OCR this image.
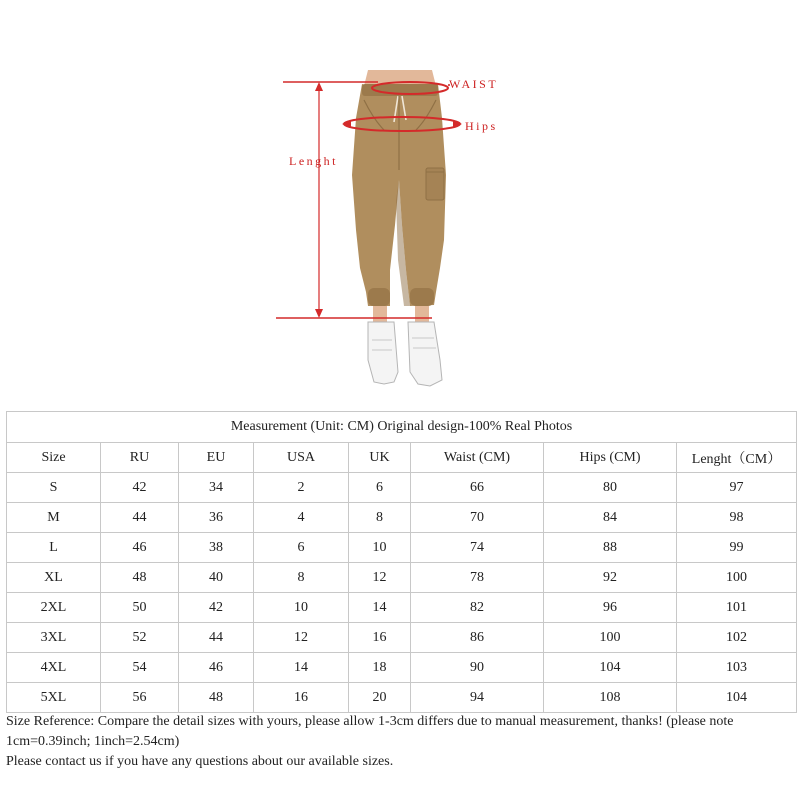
WAIST
Hips
Lenght
Measurement (Unit: CM) Original design-100% Real Photos							
Size	RU	EU	USA	UK	Waist (CM)	Hips (CM)	Lenght（CM）
S	42	34	2	6	66	80	97
M	44	36	4	8	70	84	98
L	46	38	6	10	74	88	99
XL	48	40	8	12	78	92	100
2XL	50	42	10	14	82	96	101
3XL	52	44	12	16	86	100	102
4XL	54	46	14	18	90	104	103
5XL	56	48	16	20	94	108	104

Size Reference: Compare the detail sizes with yours, please allow 1-3cm differs due to manual measurement, thanks! (please note 1cm=0.39inch; 1inch=2.54cm)

Please contact us if you have any questions about our available sizes.
